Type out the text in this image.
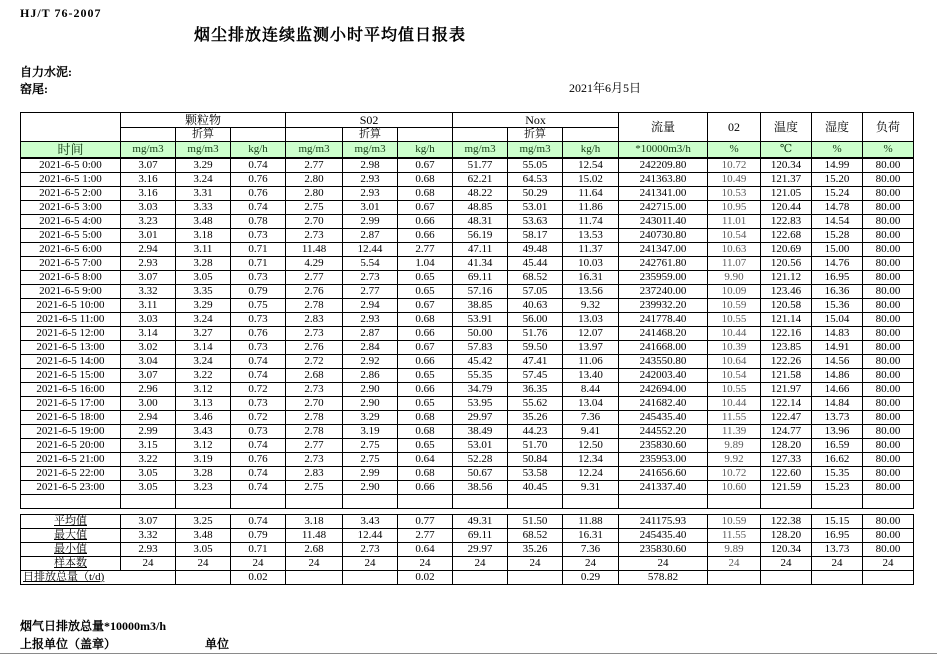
HJ/T 76-2007
烟尘排放连续监测小时平均值日报表
自力水泥:
窑尾:	2021年6月5日
	颗粒物			S02			Nox			流量	02	温度	湿度	负荷
		折算			折算			折算						
时间	mg/m3	mg/m3	kg/h	mg/m3	mg/m3	kg/h	mg/m3	mg/m3	kg/h	*10000m3/h	%	℃	%	%
2021-6-5 0:00	3.07	3.29	0.74	2.77	2.98	0.67	51.77	55.05	12.54	242209.80	10.72	120.34	14.99	80.00
2021-6-5 1:00	3.16	3.24	0.76	2.80	2.93	0.68	62.21	64.53	15.02	241363.80	10.49	121.37	15.20	80.00
2021-6-5 2:00	3.16	3.31	0.76	2.80	2.93	0.68	48.22	50.29	11.64	241341.00	10.53	121.05	15.24	80.00
2021-6-5 3:00	3.03	3.33	0.74	2.75	3.01	0.67	48.85	53.01	11.86	242715.00	10.95	120.44	14.78	80.00
2021-6-5 4:00	3.23	3.48	0.78	2.70	2.99	0.66	48.31	53.63	11.74	243011.40	11.01	122.83	14.54	80.00
2021-6-5 5:00	3.01	3.18	0.73	2.73	2.87	0.66	56.19	58.17	13.53	240730.80	10.54	122.68	15.28	80.00
2021-6-5 6:00	2.94	3.11	0.71	11.48	12.44	2.77	47.11	49.48	11.37	241347.00	10.63	120.69	15.00	80.00
2021-6-5 7:00	2.93	3.28	0.71	4.29	5.54	1.04	41.34	45.44	10.03	242761.80	11.07	120.56	14.76	80.00
2021-6-5 8:00	3.07	3.05	0.73	2.77	2.73	0.65	69.11	68.52	16.31	235959.00	9.90	121.12	16.95	80.00
2021-6-5 9:00	3.32	3.35	0.79	2.76	2.77	0.65	57.16	57.05	13.56	237240.00	10.09	123.46	16.36	80.00
2021-6-5 10:00	3.11	3.29	0.75	2.78	2.94	0.67	38.85	40.63	9.32	239932.20	10.59	120.58	15.36	80.00
2021-6-5 11:00	3.03	3.24	0.73	2.83	2.93	0.68	53.91	56.00	13.03	241778.40	10.55	121.14	15.04	80.00
2021-6-5 12:00	3.14	3.27	0.76	2.73	2.87	0.66	50.00	51.76	12.07	241468.20	10.44	122.16	14.83	80.00
2021-6-5 13:00	3.02	3.14	0.73	2.76	2.84	0.67	57.83	59.50	13.97	241668.00	10.39	123.85	14.91	80.00
2021-6-5 14:00	3.04	3.24	0.74	2.72	2.92	0.66	45.42	47.41	11.06	243550.80	10.64	122.26	14.56	80.00
2021-6-5 15:00	3.07	3.22	0.74	2.68	2.86	0.65	55.35	57.45	13.40	242003.40	10.54	121.58	14.86	80.00
2021-6-5 16:00	2.96	3.12	0.72	2.73	2.90	0.66	34.79	36.35	8.44	242694.00	10.55	121.97	14.66	80.00
2021-6-5 17:00	3.00	3.13	0.73	2.70	2.90	0.65	53.95	55.62	13.04	241682.40	10.44	122.14	14.84	80.00
2021-6-5 18:00	2.94	3.46	0.72	2.78	3.29	0.68	29.97	35.26	7.36	245435.40	11.55	122.47	13.73	80.00
2021-6-5 19:00	2.99	3.43	0.73	2.78	3.19	0.68	38.49	44.23	9.41	244552.20	11.39	124.77	13.96	80.00
2021-6-5 20:00	3.15	3.12	0.74	2.77	2.75	0.65	53.01	51.70	12.50	235830.60	9.89	128.20	16.59	80.00
2021-6-5 21:00	3.22	3.19	0.76	2.73	2.75	0.64	52.28	50.84	12.34	235953.00	9.92	127.33	16.62	80.00
2021-6-5 22:00	3.05	3.28	0.74	2.83	2.99	0.68	50.67	53.58	12.24	241656.60	10.72	122.60	15.35	80.00
2021-6-5 23:00	3.05	3.23	0.74	2.75	2.90	0.66	38.56	40.45	9.31	241337.40	10.60	121.59	15.23	80.00

平均值	3.07	3.25	0.74	3.18	3.43	0.77	49.31	51.50	11.88	241175.93	10.59	122.38	15.15	80.00
最大值	3.32	3.48	0.79	11.48	12.44	2.77	69.11	68.52	16.31	245435.40	11.55	128.20	16.95	80.00
最小值	2.93	3.05	0.71	2.68	2.73	0.64	29.97	35.26	7.36	235830.60	9.89	120.34	13.73	80.00
样本数	24	24	24	24	24	24	24	24	24	24	24	24	24	24
日排放总量（t/d)			0.02			0.02			0.29	578.82				
烟气日排放总量*10000m3/h
上报单位（盖章）	单位
